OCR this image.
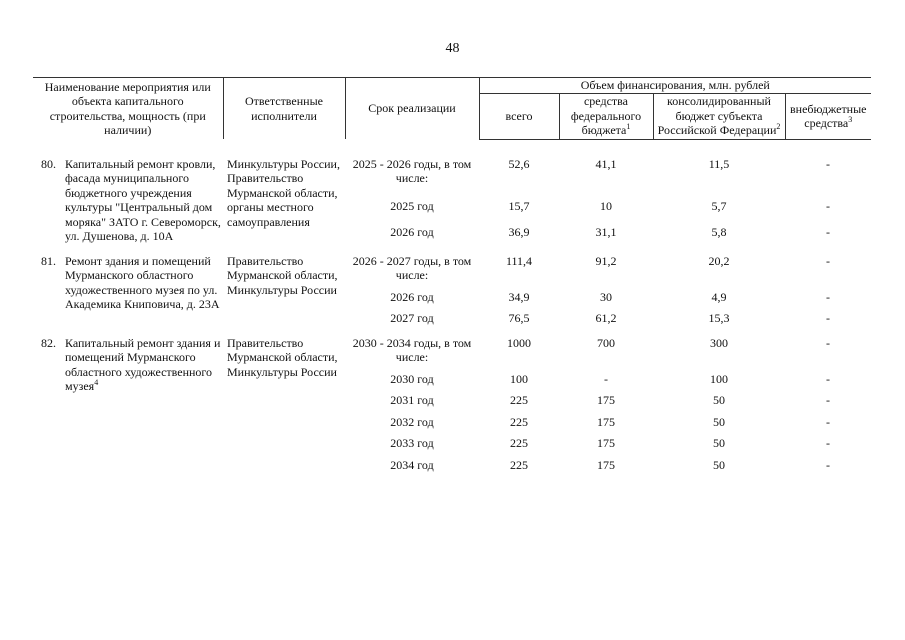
48
Наименование мероприятия или объекта капитального строительства, мощность (при наличии)		Ответственные исполнители	Срок реализации	Объем финансирования, млн. рублей			
				всего	средства федерального бюджета$^1$	консолидированный бюджет субъекта Российской Федерации$^2$	внебюджетные средства$^3$

80.	Капитальный ремонт кровли, фасада муниципального бюджетного учреждения культуры "Центральный дом моряка" ЗАТО г. Североморск, ул. Душенова, д. 10А	Минкультуры России, Правительство Мурманской области, органы местного самоуправления	2025 - 2026 годы, в том числе:	52,6	41,1	11,5	-
			2025 год	15,7	10	5,7	-
			2026 год	36,9	31,1	5,8	-

81.	Ремонт здания и помещений Мурманского областного художественного музея по ул. Академика Книповича, д. 23А	Правительство Мурманской области, Минкультуры России	2026 - 2027 годы, в том числе:	111,4	91,2	20,2	-
			2026 год	34,9	30	4,9	-
			2027 год	76,5	61,2	15,3	-

82.	Капитальный ремонт здания и помещений Мурманского областного художественного музея$^4$	Правительство Мурманской области, Минкультуры России	2030 - 2034 годы, в том числе:	1000	700	300	-
			2030 год	100	-	100	-
			2031 год	225	175	50	-
			2032 год	225	175	50	-
			2033 год	225	175	50	-
			2034 год	225	175	50	-
